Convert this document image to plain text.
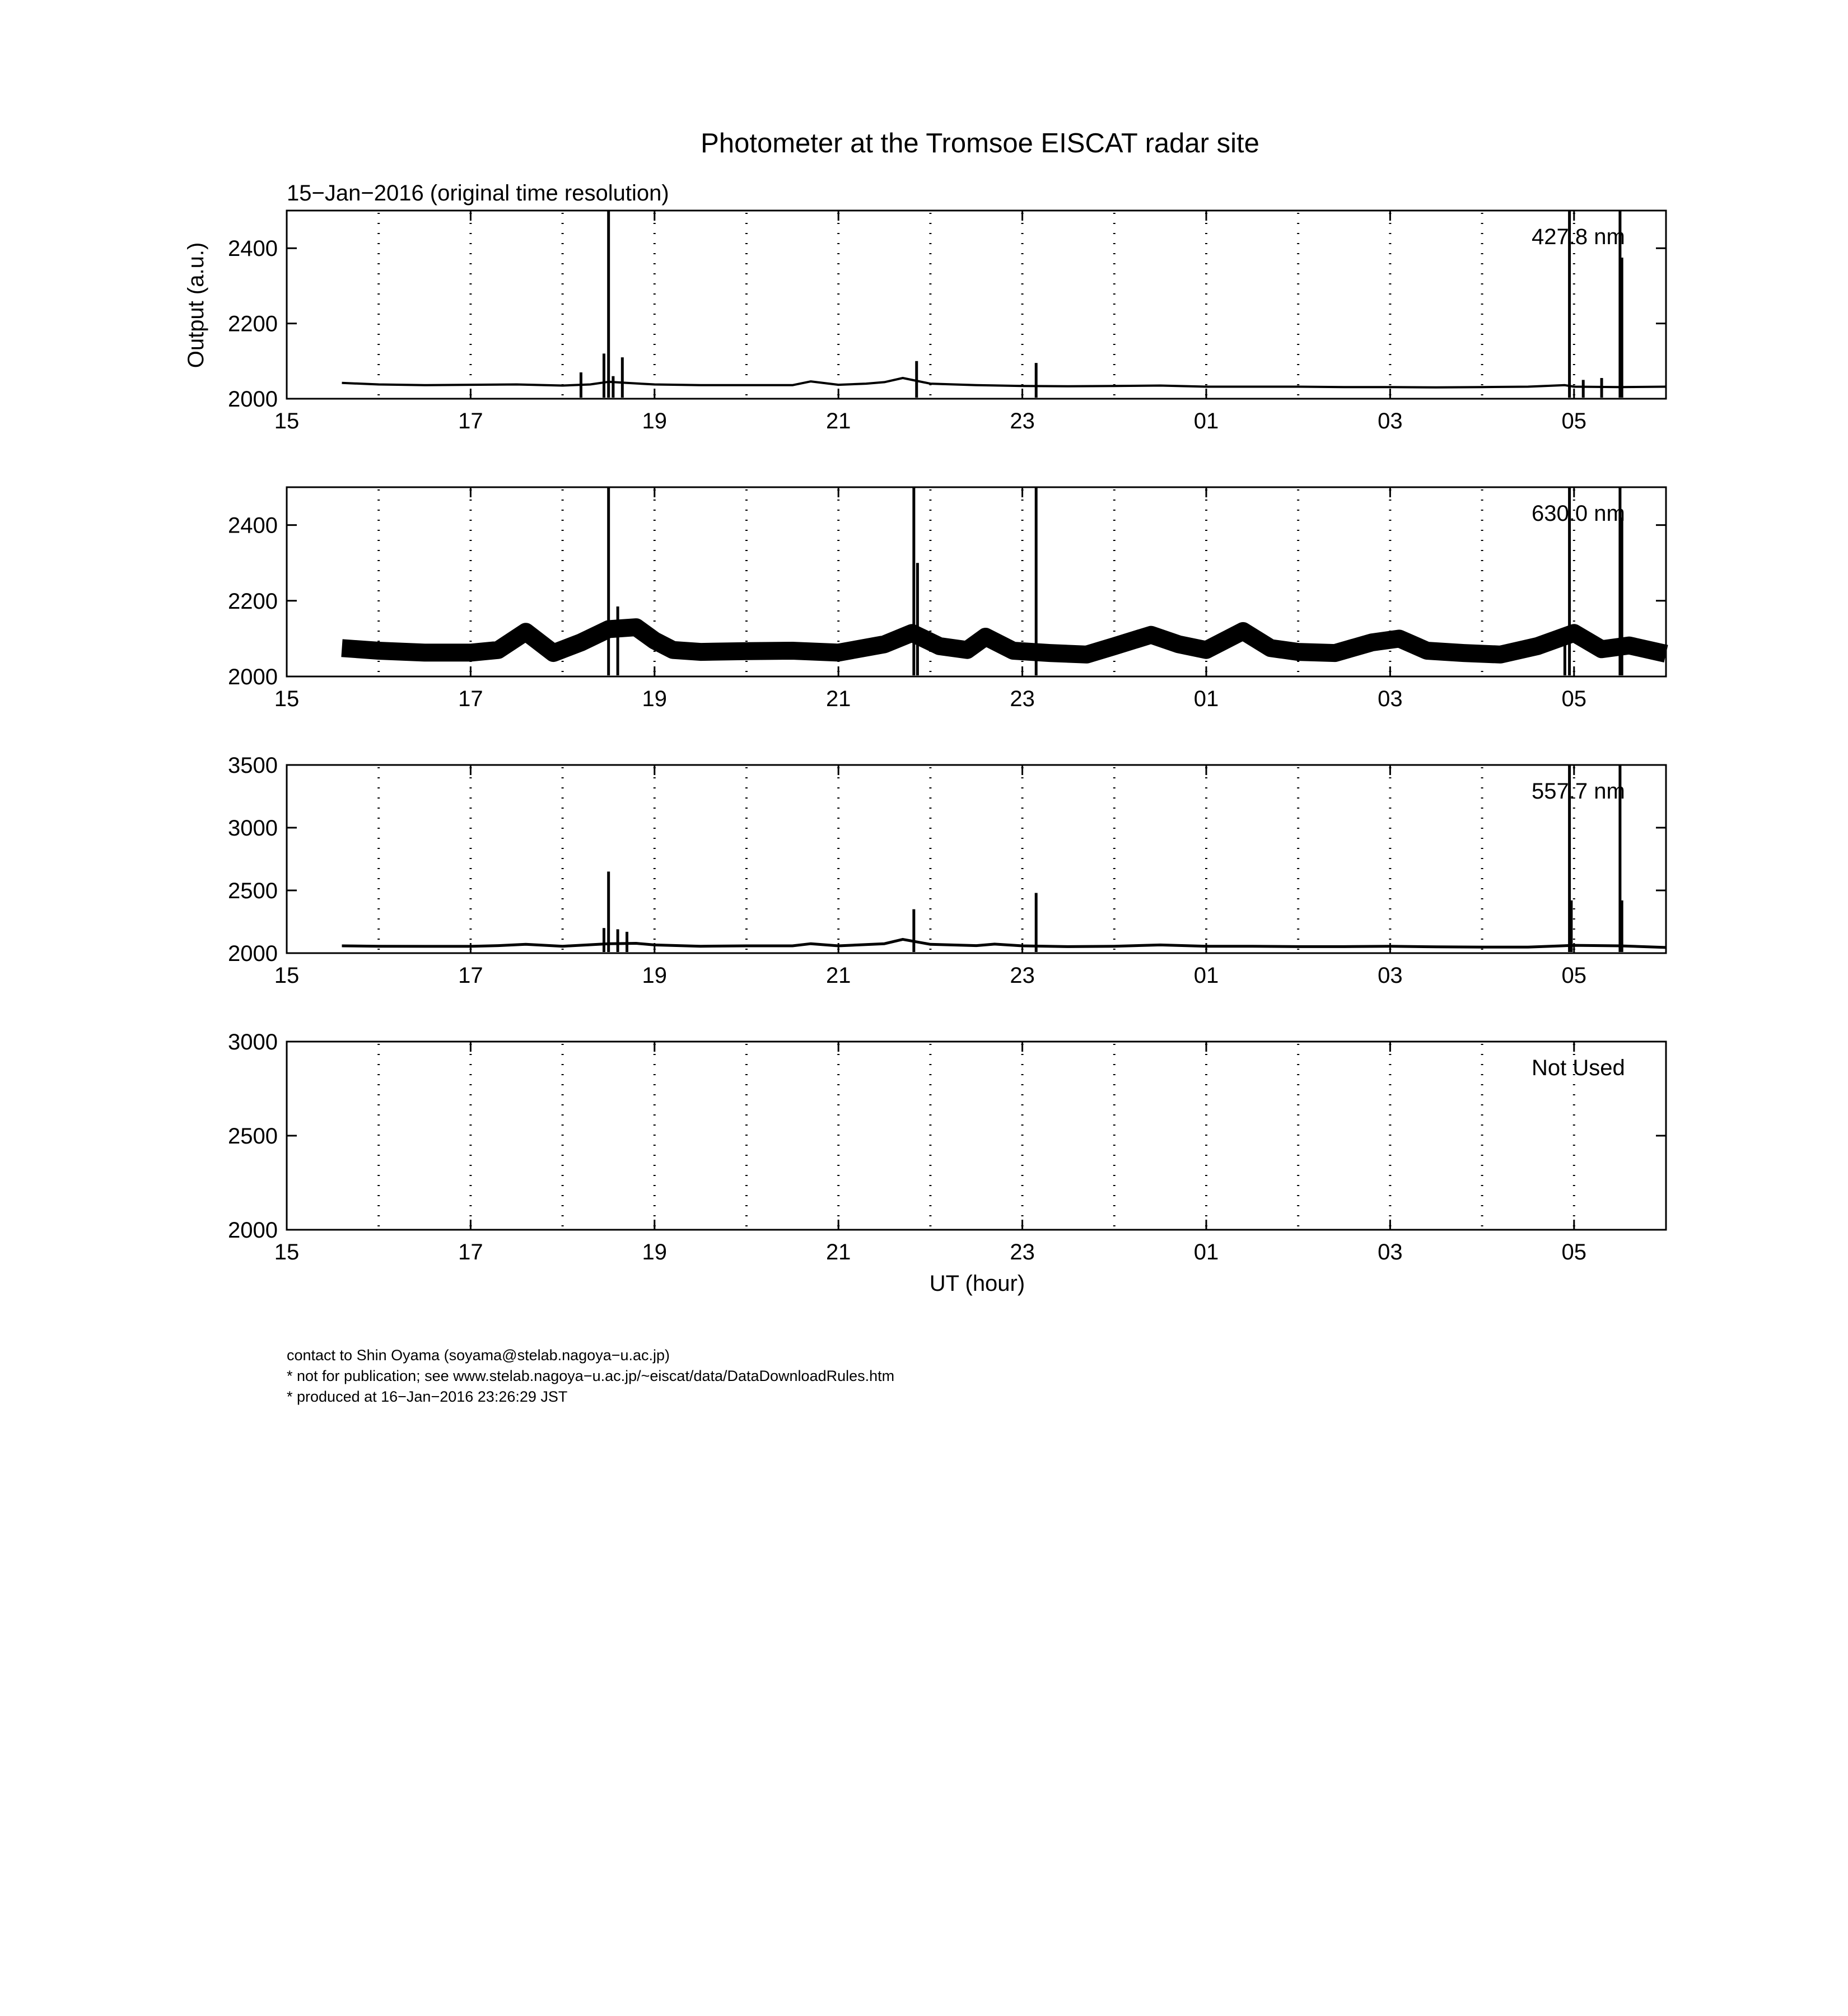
Photometer at the Tromsoe EISCAT radar site
15−Jan−2016 (original time resolution)
Output (a.u.)
UT (hour)
15	17	19	21	23	01	03	05
2000
2200
2400	427.8 nm
15	17	19	21	23	01	03	05
2000
2200
2400	630.0 nm
15	17	19	21	23	01	03	05
2000
2500
3000
3500
557.7 nm
15	17	19	21	23	01	03	05
2000
2500
3000
Not Used
contact to Shin Oyama (soyama@stelab.nagoya−u.ac.jp)
* not for publication; see www.stelab.nagoya−u.ac.jp/~eiscat/data/DataDownloadRules.htm
* produced at 16−Jan−2016 23:26:29 JST
